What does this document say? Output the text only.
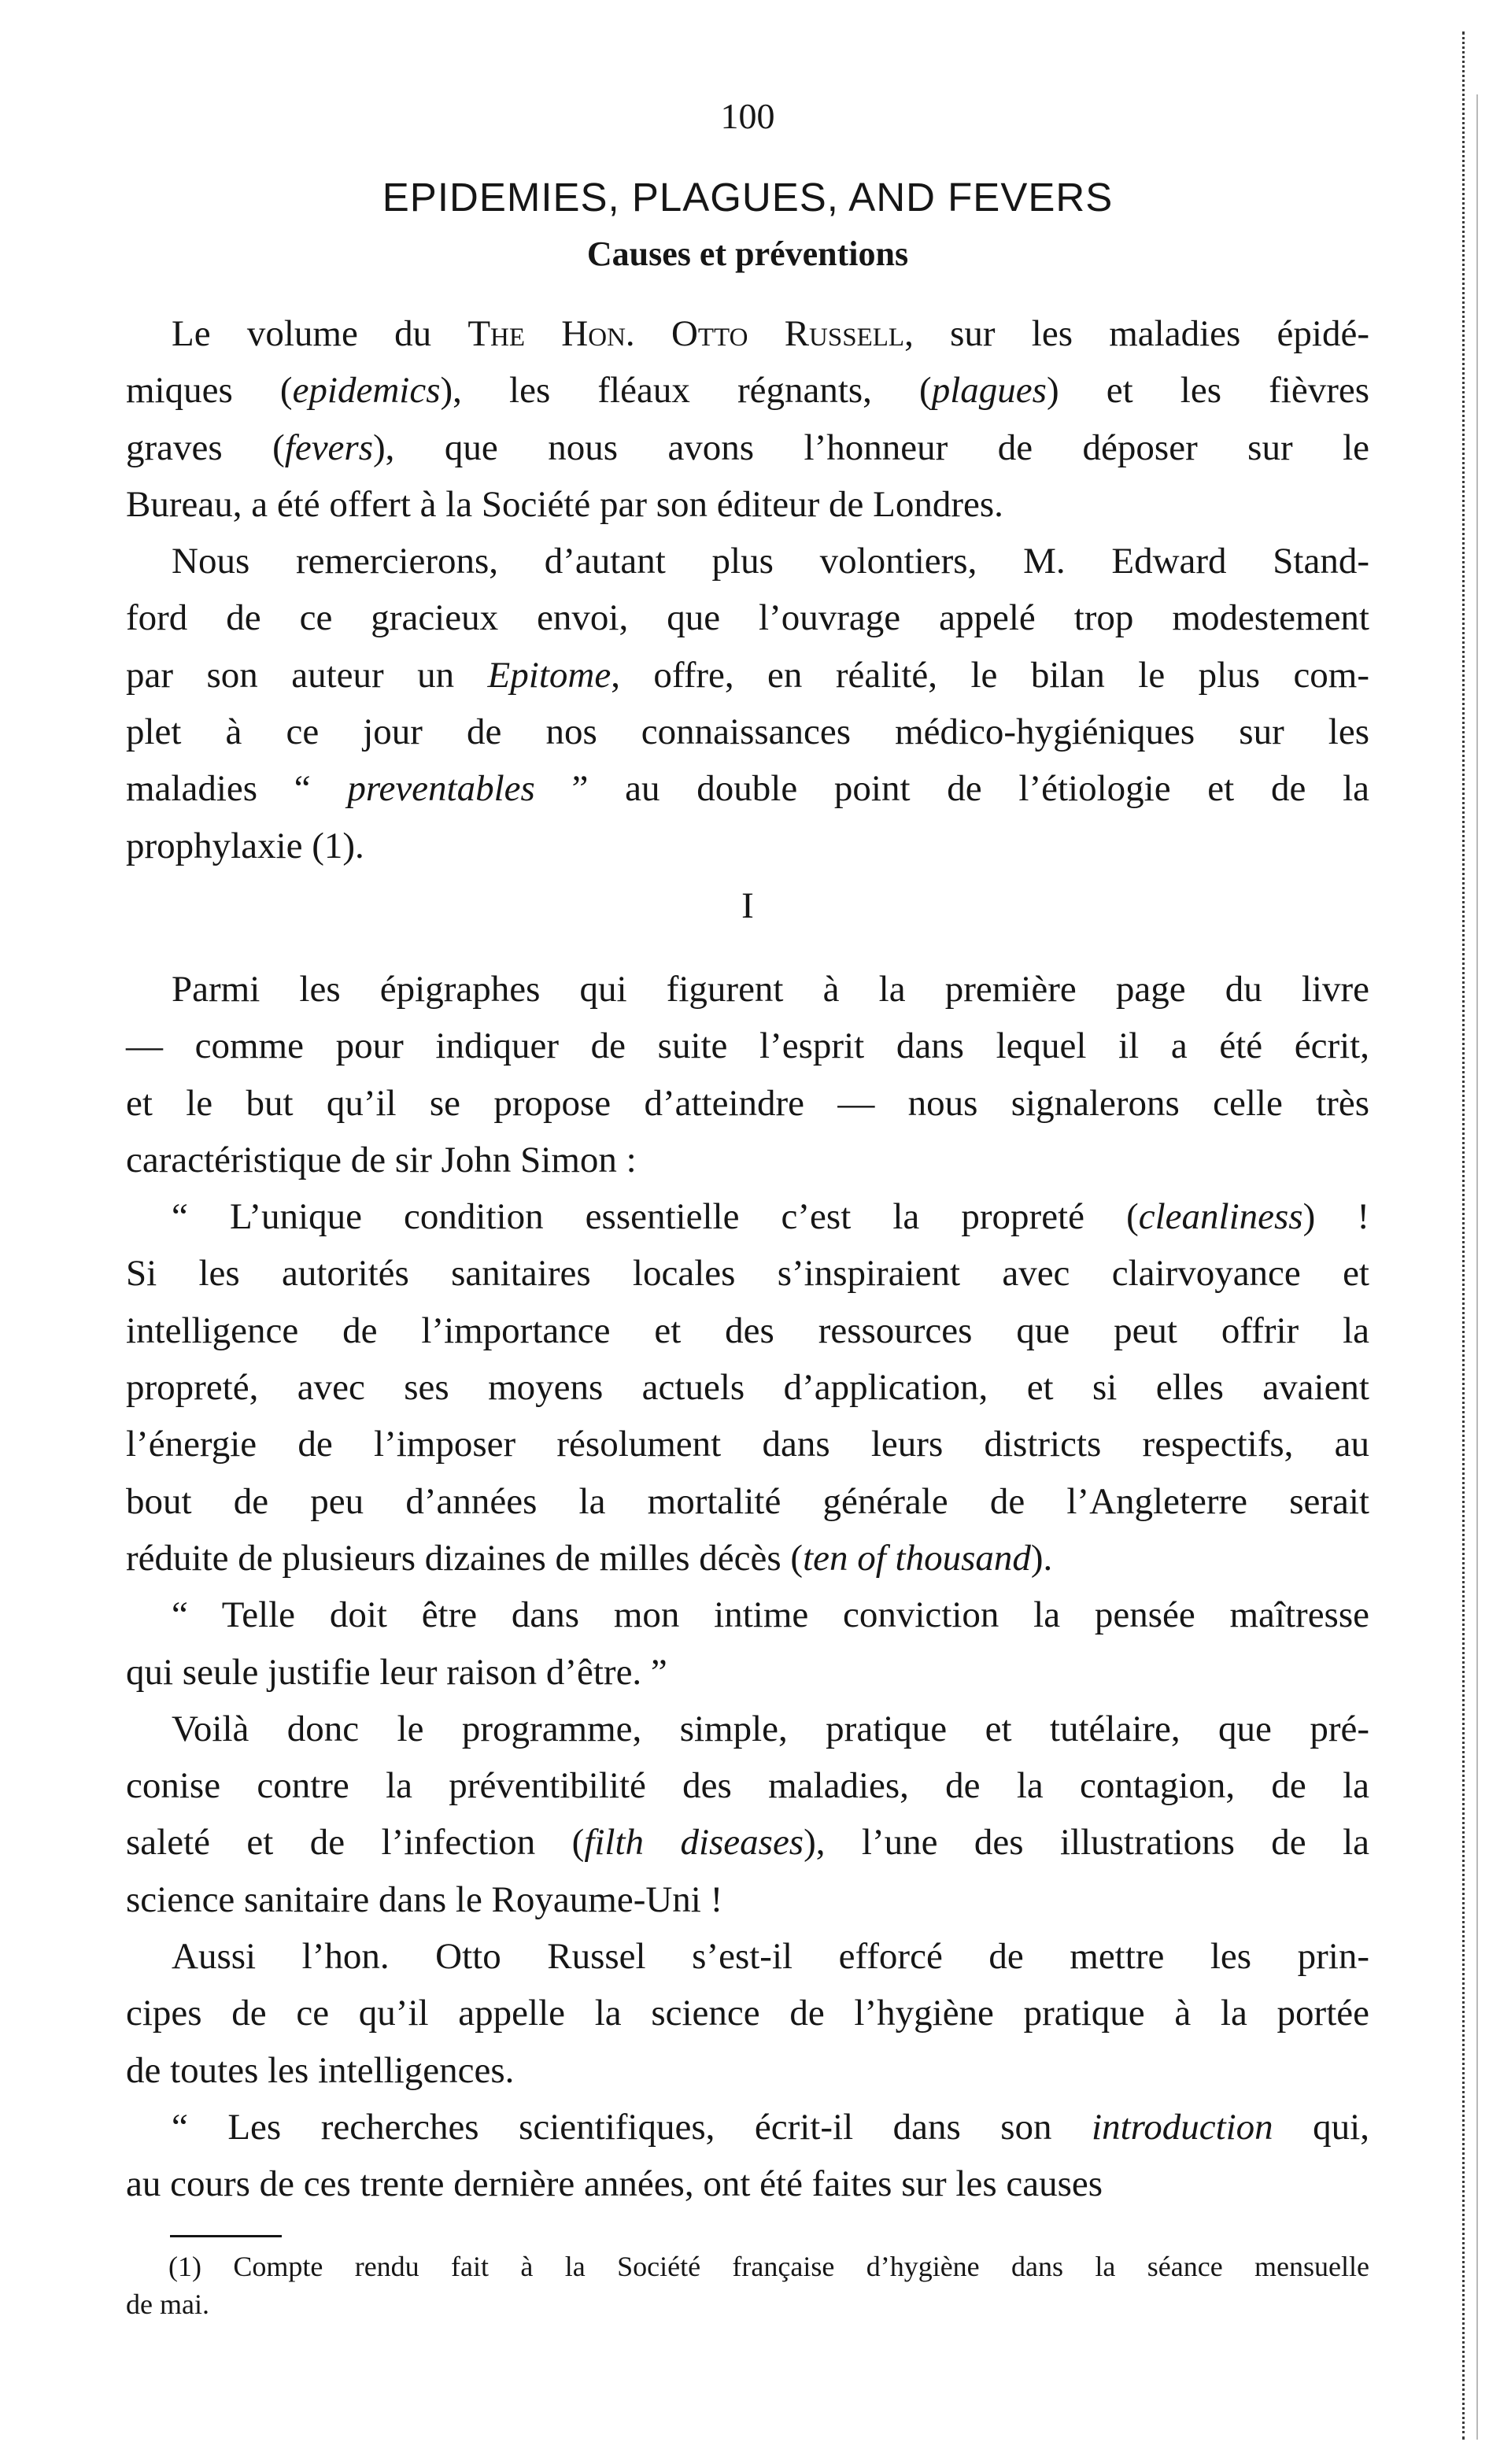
100
EPIDEMIES, PLAGUES, AND FEVERS
Causes et préventions
Le volume du The Hon. Otto Russell, sur les maladies épidé-
miques (epidemics), les fléaux régnants, (plagues) et les fièvres
graves (fevers), que nous avons l’honneur de déposer sur le
Bureau, a été offert à la Société par son éditeur de Londres.
Nous remercierons, d’autant plus volontiers, M. Edward Stand-
ford de ce gracieux envoi, que l’ouvrage appelé trop modestement
par son auteur un Epitome, offre, en réalité, le bilan le plus com-
plet à ce jour de nos connaissances médico-hygiéniques sur les
maladies “ preventables ” au double point de l’étiologie et de la
prophylaxie (1).
I
Parmi les épigraphes qui figurent à la première page du livre
— comme pour indiquer de suite l’esprit dans lequel il a été écrit,
et le but qu’il se propose d’atteindre — nous signalerons celle très
caractéristique de sir John Simon :
“ L’unique condition essentielle c’est la propreté (cleanliness) !
Si les autorités sanitaires locales s’inspiraient avec clairvoyance et
intelligence de l’importance et des ressources que peut offrir la
propreté, avec ses moyens actuels d’application, et si elles avaient
l’énergie de l’imposer résolument dans leurs districts respectifs, au
bout de peu d’années la mortalité générale de l’Angleterre serait
réduite de plusieurs dizaines de milles décès (ten of thousand).
“ Telle doit être dans mon intime conviction la pensée maîtresse
qui seule justifie leur raison d’être. ”
Voilà donc le programme, simple, pratique et tutélaire, que pré-
conise contre la préventibilité des maladies, de la contagion, de la
saleté et de l’infection (filth diseases), l’une des illustrations de la
science sanitaire dans le Royaume-Uni !
Aussi l’hon. Otto Russel s’est-il efforcé de mettre les prin-
cipes de ce qu’il appelle la science de l’hygiène pratique à la portée
de toutes les intelligences.
“ Les recherches scientifiques, écrit-il dans son introduction qui,
au cours de ces trente dernière années, ont été faites sur les causes
(1) Compte rendu fait à la Société française d’hygiène dans la séance mensuelle
de mai.
